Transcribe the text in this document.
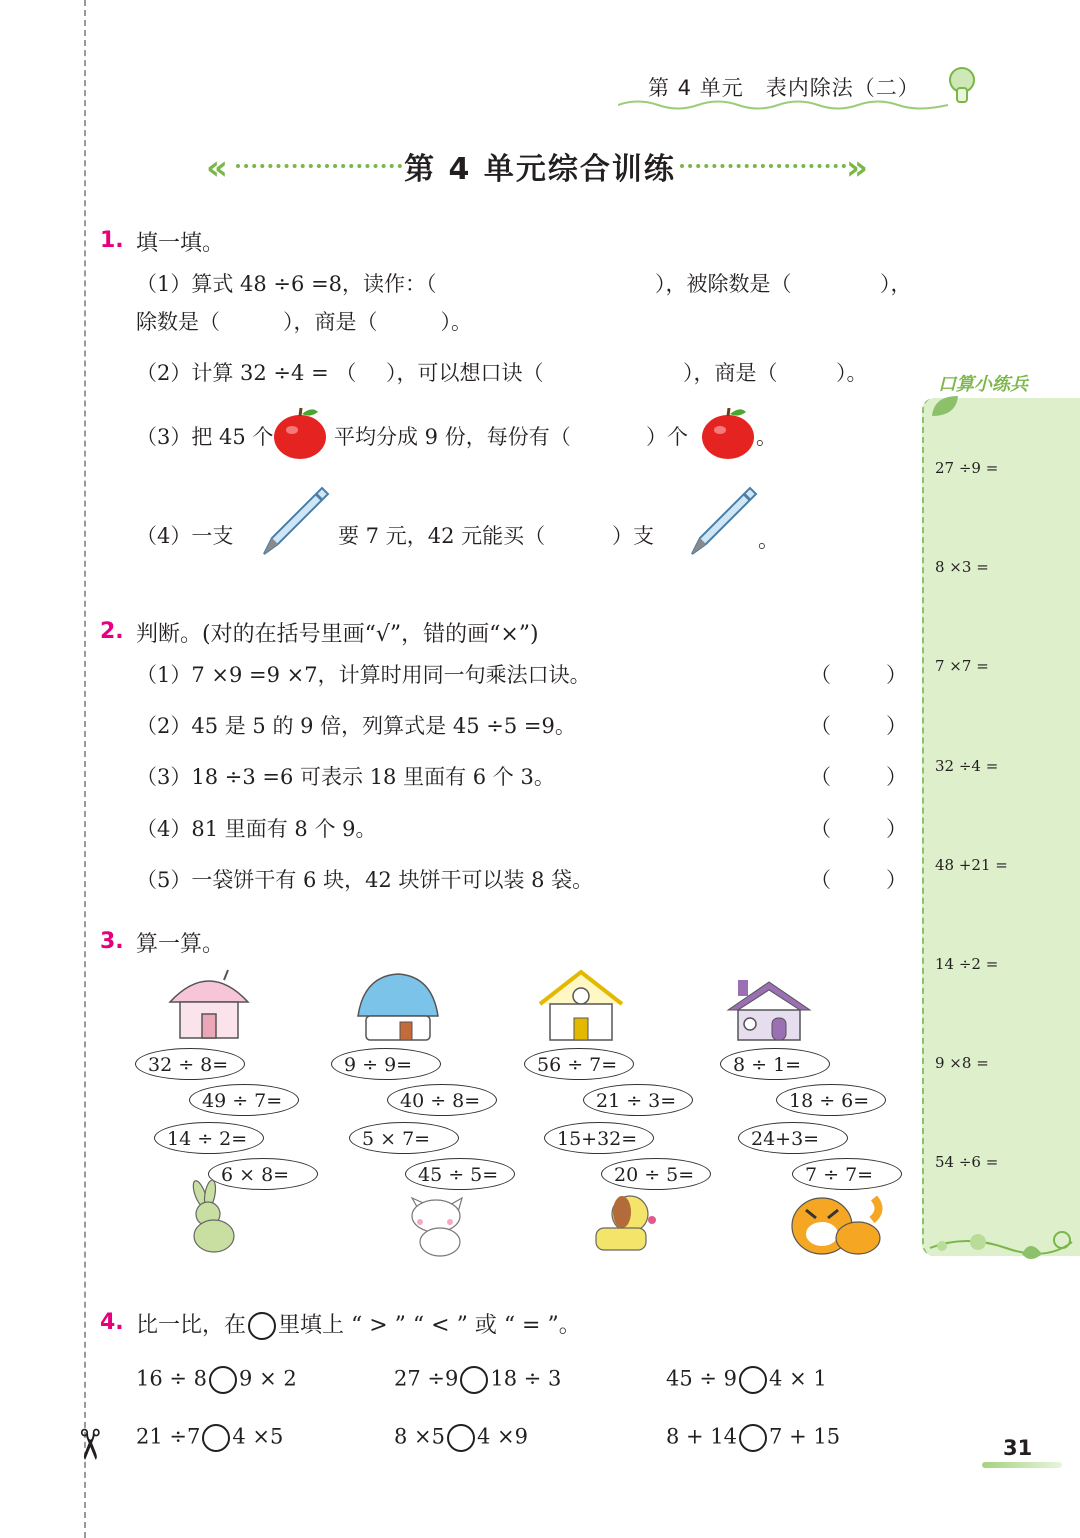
✂
第 4 单元　表内除法（二）
«	第 4 单元综合训练	»
1. 填一填。
（1）算式 48 ÷6 =8，读作：（	），被除数是（	），
除数是（　　　），商是（　　　）。
（2）计算 32 ÷4 = （ ），可以想口诀（	），商是（	）。
（3）把 45 个	平均分成 9 份，每份有（	）个	。
（4）一支	要 7 元，42 元能买（	）支	。
2. 判断。(对的在括号里画“√”，错的画“×”)
（1）7 ×9 =9 ×7，计算时用同一句乘法口诀。	（	）
（2）45 是 5 的 9 倍，列算式是 45 ÷5 =9。	（	）
（3）18 ÷3 =6 可表示 18 里面有 6 个 3。	（	）
（4）81 里面有 8 个 9。	（	）
（5）一袋饼干有 6 块，42 块饼干可以装 8 袋。	（	）
3. 算一算。
32 ÷ 8=
49 ÷ 7=
14 ÷ 2=
6 × 8=
9 ÷ 9=
40 ÷ 8=
5 × 7=
45 ÷ 5=
56 ÷ 7=
21 ÷ 3=
15+32=
20 ÷ 5=
8 ÷ 1=
18 ÷ 6=
24+3=
7 ÷ 7=
4. 比一比，在 里填上 “ > ” “ < ” 或 “ = ”。
16 ÷ 8 9 × 2	27 ÷9 18 ÷ 3	45 ÷ 9 4 × 1
21 ÷7 4 ×5	8 ×5 4 ×9	8 + 14 7 + 15
口算小练兵
27 ÷9 =
8 ×3 =
7 ×7 =
32 ÷4 =
48 +21 =
14 ÷2 =
9 ×8 =
54 ÷6 =
31
